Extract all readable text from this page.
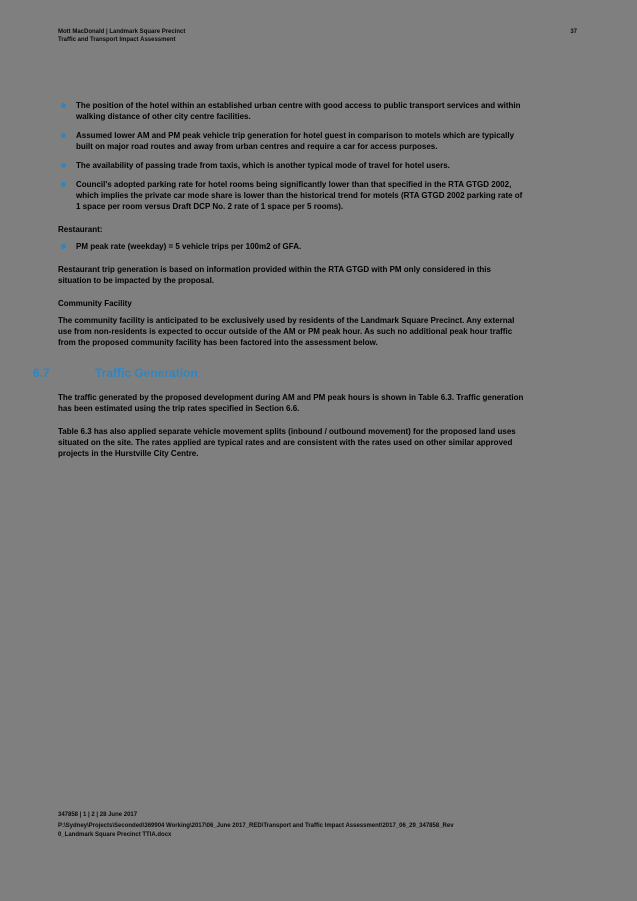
Mott MacDonald | Landmark Square Precinct
Traffic and Transport Impact Assessment
37
The position of the hotel within an established urban centre with good access to public transport services and within walking distance of other city centre facilities.
Assumed lower AM and PM peak vehicle trip generation for hotel guest in comparison to motels which are typically built on major road routes and away from urban centres and require a car for access purposes.
The availability of passing trade from taxis, which is another typical mode of travel for hotel users.
Council's adopted parking rate for hotel rooms being significantly lower than that specified in the RTA GTGD 2002, which implies the private car mode share is lower than the historical trend for motels (RTA GTGD 2002 parking rate of 1 space per room versus Draft DCP No. 2 rate of 1 space per 5 rooms).
Restaurant:
PM peak rate (weekday) = 5 vehicle trips per 100m2 of GFA.
Restaurant trip generation is based on information provided within the RTA GTGD with PM only considered in this situation to be impacted by the proposal.
Community Facility
The community facility is anticipated to be exclusively used by residents of the Landmark Square Precinct. Any external use from non-residents is expected to occur outside of the AM or PM peak hour. As such no additional peak hour traffic from the proposed community facility has been factored into the assessment below.
6.7	Traffic Generation
The traffic generated by the proposed development during AM and PM peak hours is shown in Table 6.3. Traffic generation has been estimated using the trip rates specified in Section 6.6.
Table 6.3 has also applied separate vehicle movement splits (inbound / outbound movement) for the proposed land uses situated on the site. The rates applied are typical rates and are consistent with the rates used on other similar approved projects in the Hurstville City Centre.
347858 | 1 | 2 | 28 June 2017
P:\Sydney\Projects\Seconded\369904 Working\2017\06_June 2017_RED\Transport and Traffic Impact Assessment\2017_06_29_347858_Rev
0_Landmark Square Precinct TTIA.docx
